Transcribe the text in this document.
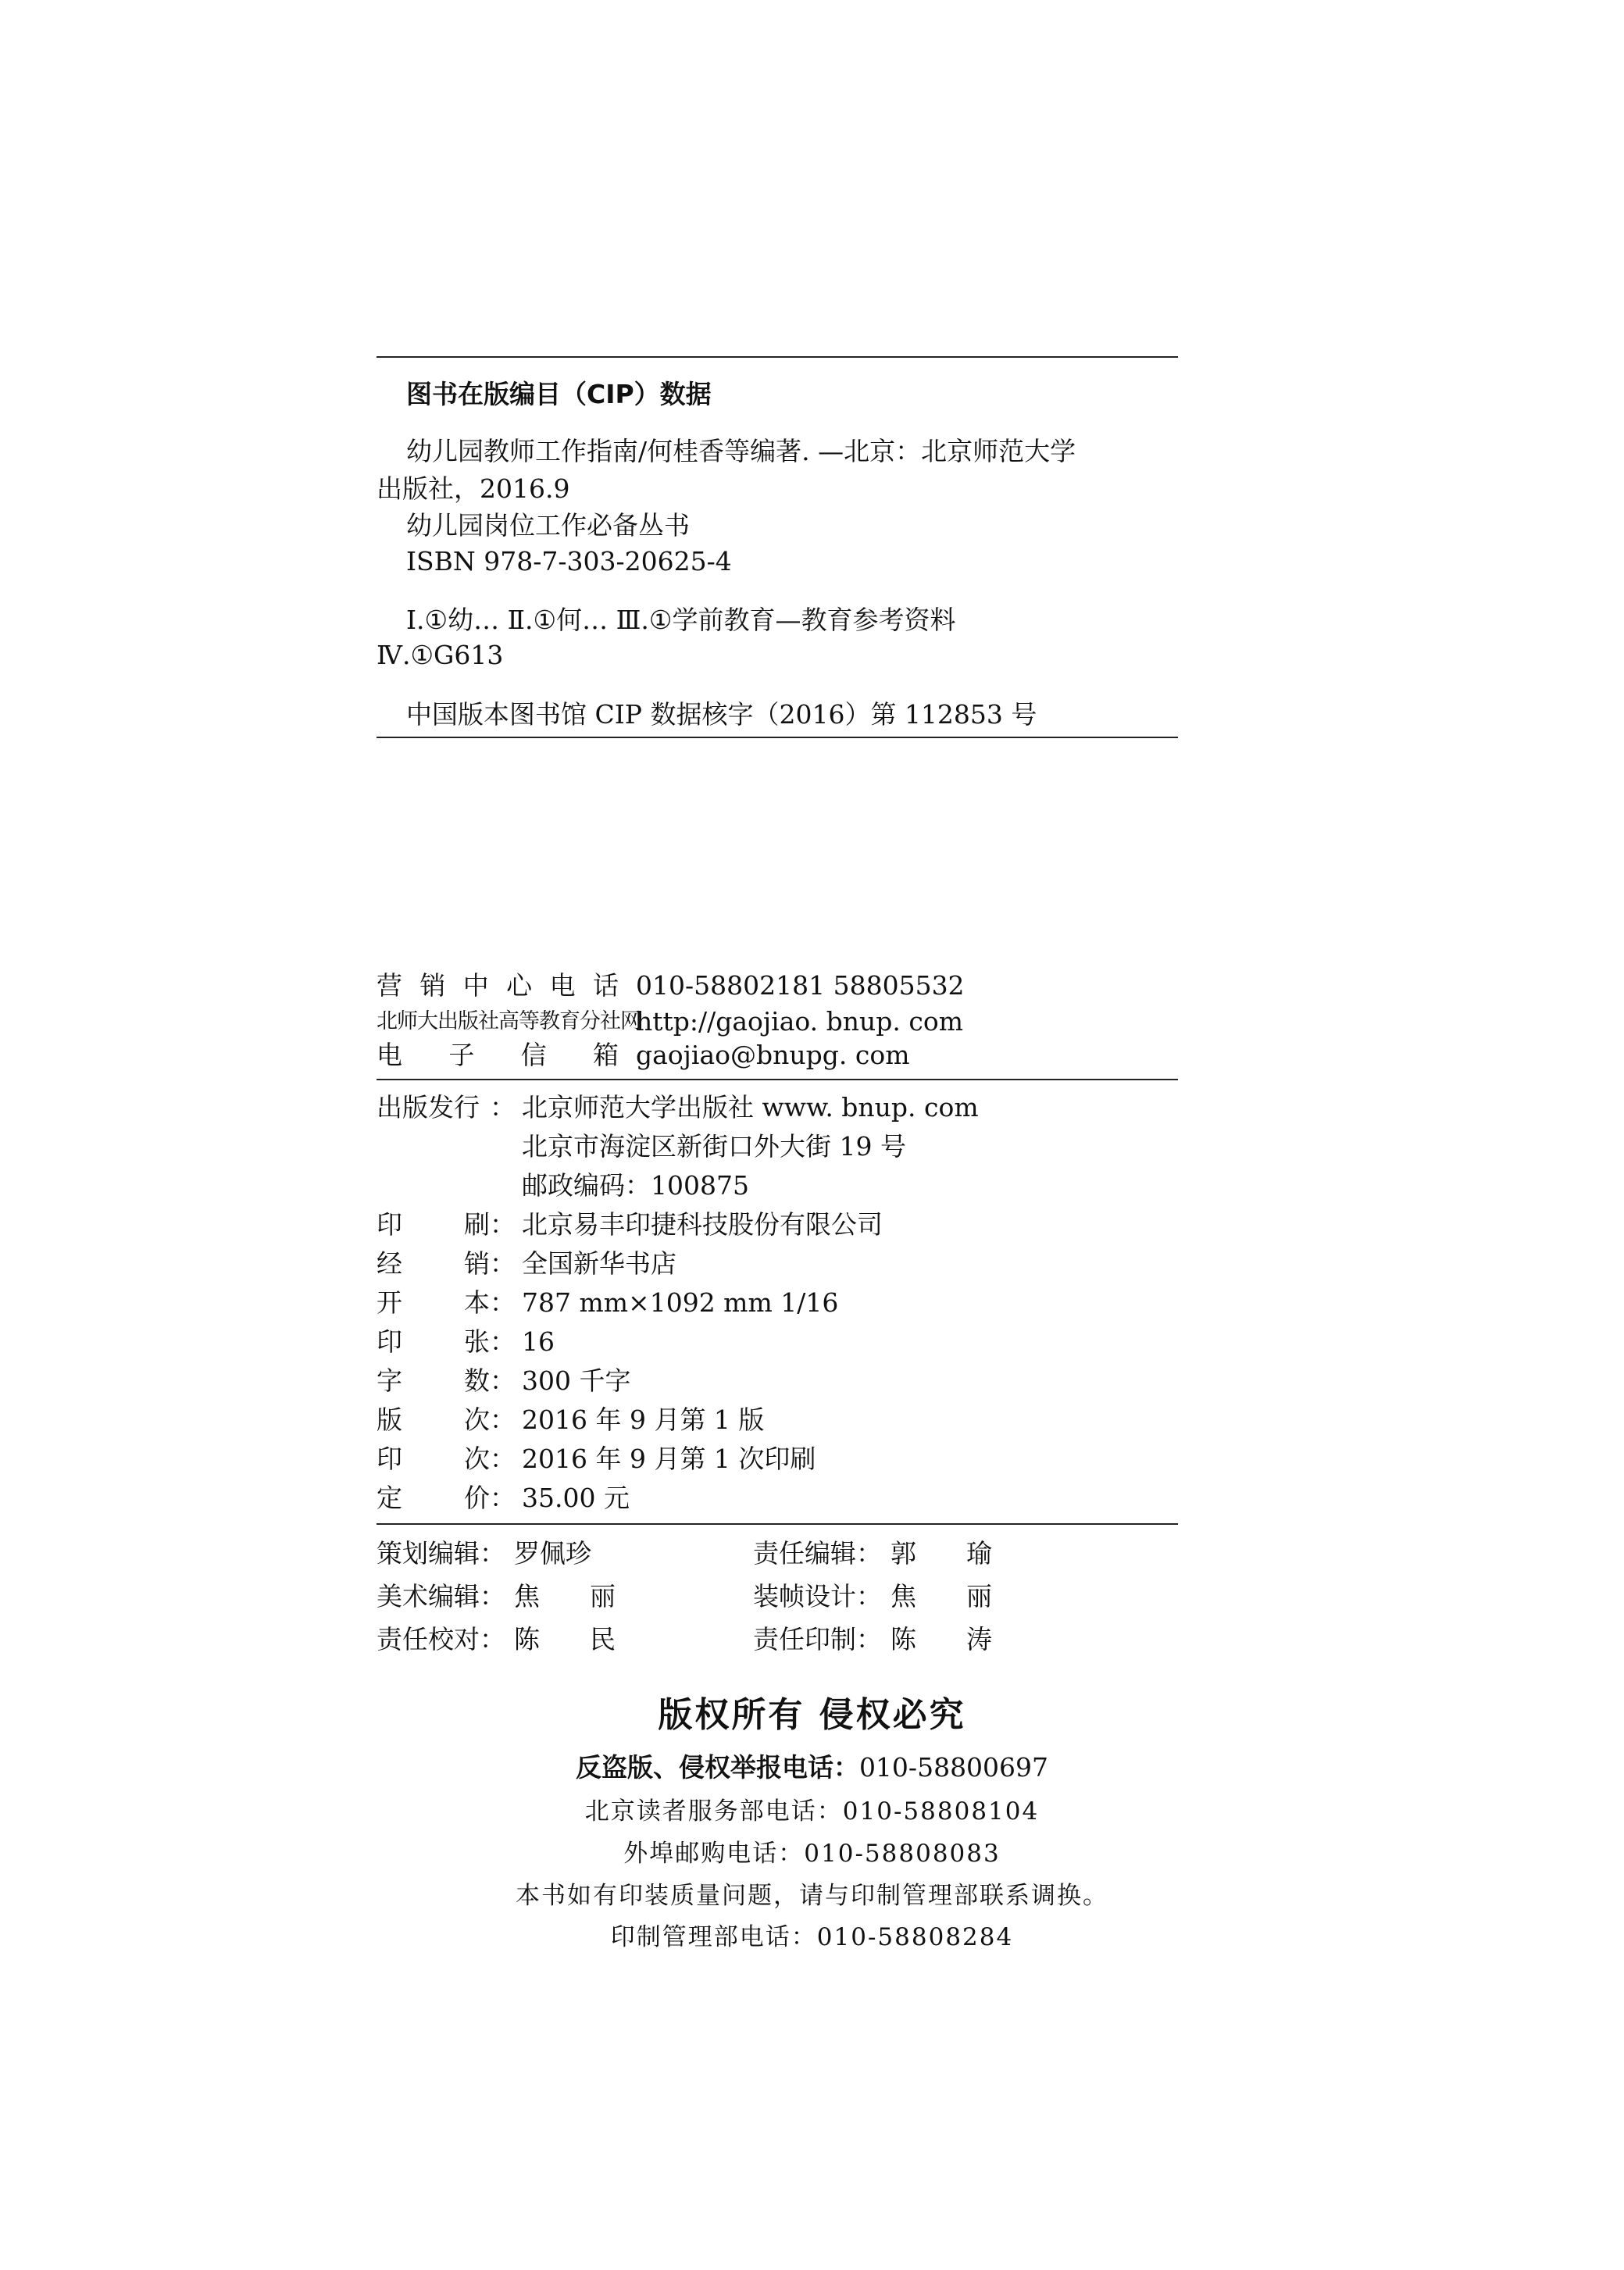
图书在版编目（CIP）数据
幼儿园教师工作指南/何桂香等编著. —北京：北京师范大学
出版社，2016.9
幼儿园岗位工作必备丛书
ISBN 978-7-303-20625-4
Ⅰ.①幼… Ⅱ.①何… Ⅲ.①学前教育—教育参考资料
Ⅳ.①G613
中国版本图书馆 CIP 数据核字（2016）第 112853 号
营 销 中 心 电 话 010-58802181 58805532
北师大出版社高等教育分社网
http://gaojiao. bnup. com
电 子 信 箱 gaojiao@bnupg. com
出版发行 ： 北京师范大学出版社 www. bnup. com
北京市海淀区新街口外大街 19 号
邮政编码：100875
印 刷 ： 北京易丰印捷科技股份有限公司
经 销 ： 全国新华书店
开 本 ： 787 mm×1092 mm 1/16
印 张 ： 16
字 数 ： 300 千字
版 次 ： 2016 年 9 月第 1 版
印 次 ： 2016 年 9 月第 1 次印刷
定 价 ： 35.00 元
策划编辑： 罗佩珍
美术编辑： 焦 丽
责任校对： 陈 民
责任编辑： 郭 瑜
装帧设计： 焦 丽
责任印制： 陈 涛
版权所有 侵权必究
反盗版、侵权举报电话：010-58800697
北京读者服务部电话：010-58808104
外埠邮购电话：010-58808083
本书如有印装质量问题，请与印制管理部联系调换。
印制管理部电话：010-58808284
